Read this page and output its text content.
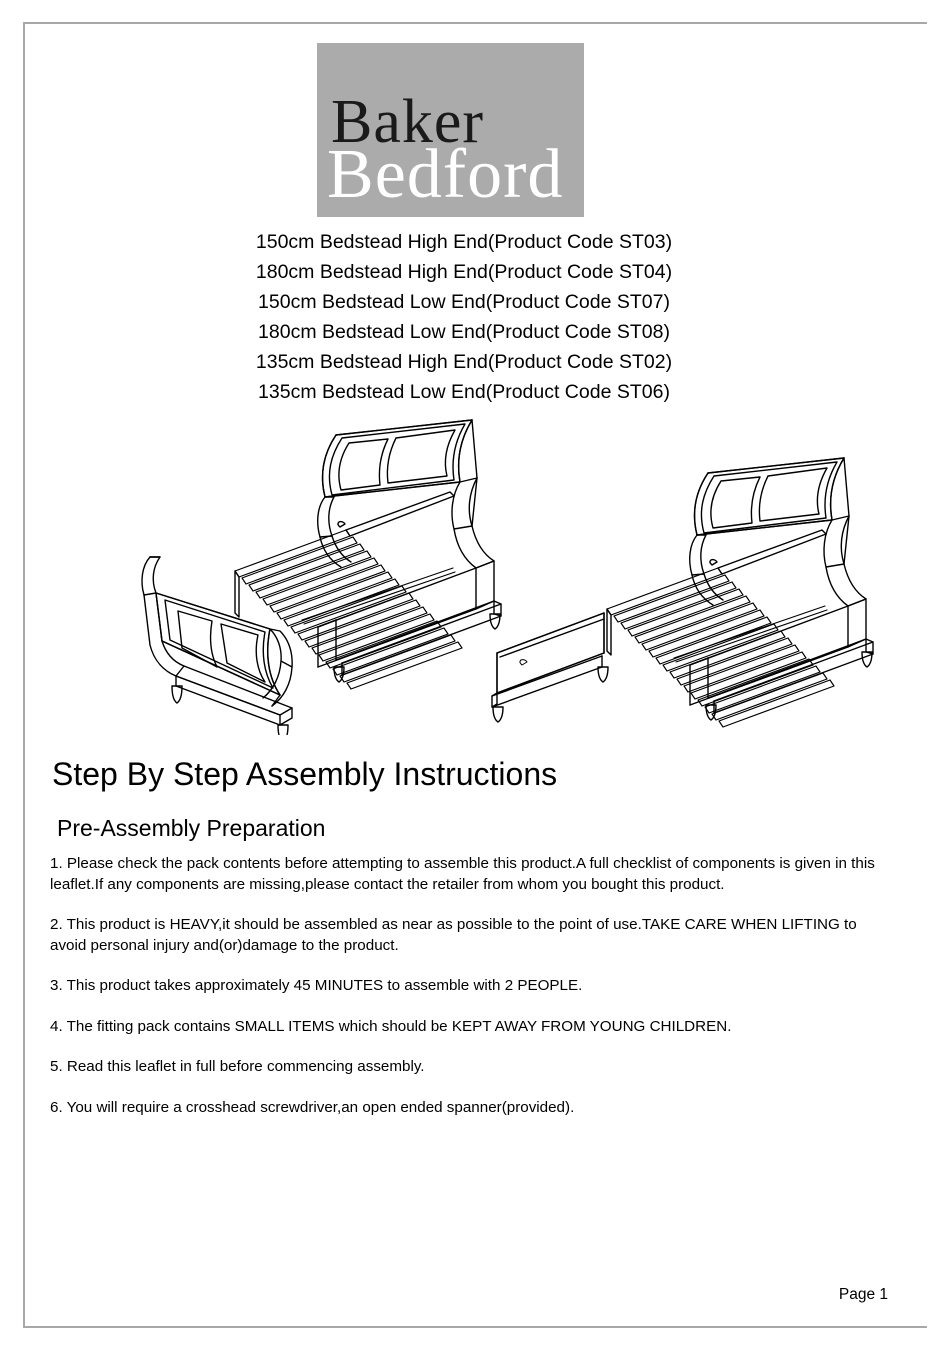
Baker
Bedford
150cm Bedstead High End(Product Code ST03)
180cm Bedstead High End(Product Code ST04)
150cm Bedstead Low End(Product Code ST07)
180cm Bedstead Low End(Product Code ST08)
135cm Bedstead High End(Product Code ST02)
135cm Bedstead Low End(Product Code ST06)
Step By Step Assembly Instructions
Pre-Assembly Preparation

1. Please check the pack contents before attempting to assemble this product.A full checklist of components is given in this leaflet.If any components are missing,please contact the retailer from whom you bought this product.

2. This product is HEAVY,it should be assembled as near as possible to the point of use.TAKE CARE WHEN LIFTING to avoid personal injury and(or)damage to the product.

3. This product takes approximately 45 MINUTES to assemble with 2 PEOPLE.

4. The fitting pack contains SMALL ITEMS which should be KEPT AWAY FROM YOUNG CHILDREN.

5. Read this leaflet in full before commencing assembly.

6. You will require a crosshead screwdriver,an open ended spanner(provided).

Page 1
